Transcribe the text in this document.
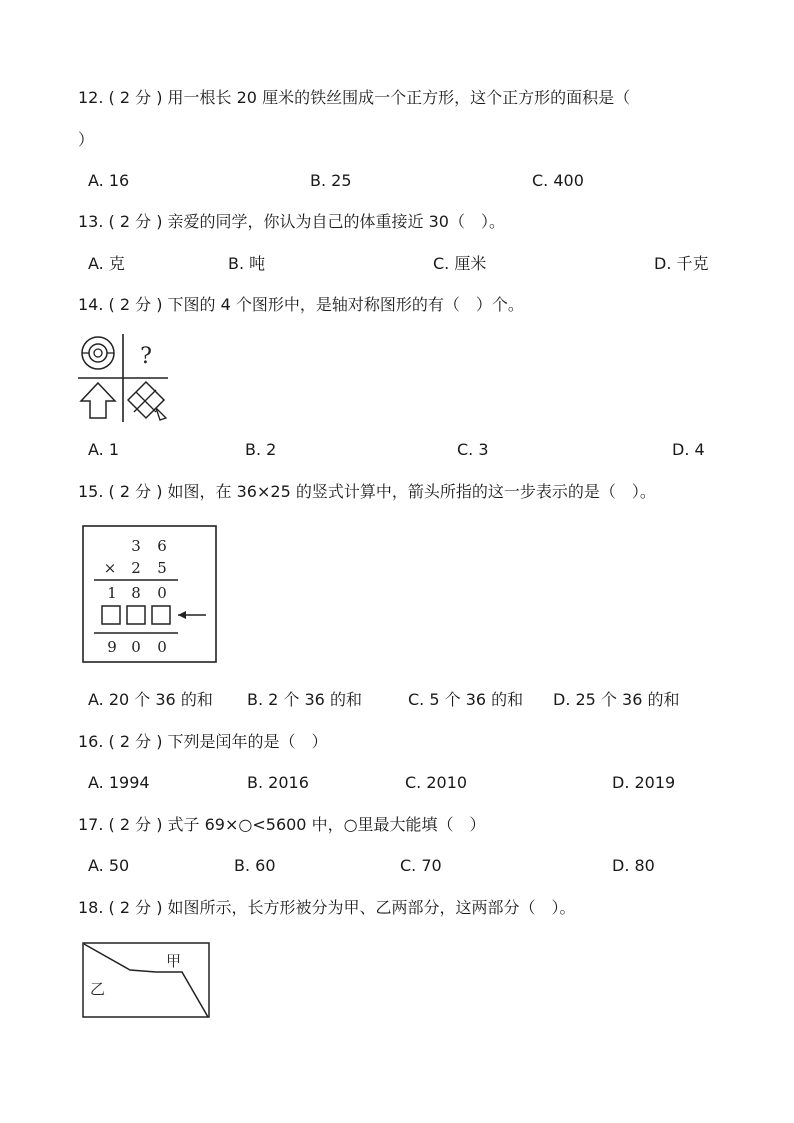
12. ( 2 分 ) 用一根长 20 厘米的铁丝围成一个正方形，这个正方形的面积是（
）
A. 16	B. 25	C. 400
13. ( 2 分 ) 亲爱的同学，你认为自己的体重接近 30（　）。
A. 克	B. 吨	C. 厘米	D. 千克
14. ( 2 分 ) 下图的 4 个图形中，是轴对称图形的有（　）个。
?
A. 1	B. 2	C. 3	D. 4
15. ( 2 分 ) 如图，在 36×25 的竖式计算中，箭头所指的这一步表示的是（　）。
3 6
× 2 5
1 8 0
9 0 0
A. 20 个 36 的和 B. 2 个 36 的和	C. 5 个 36 的和 D. 25 个 36 的和
16. ( 2 分 ) 下列是闰年的是（　）
A. 1994	B. 2016	C. 2010	D. 2019
17. ( 2 分 ) 式子 69×○<5600 中，○里最大能填（　）
A. 50	B. 60	C. 70	D. 80
18. ( 2 分 ) 如图所示，长方形被分为甲、乙两部分，这两部分（　）。
甲
乙
